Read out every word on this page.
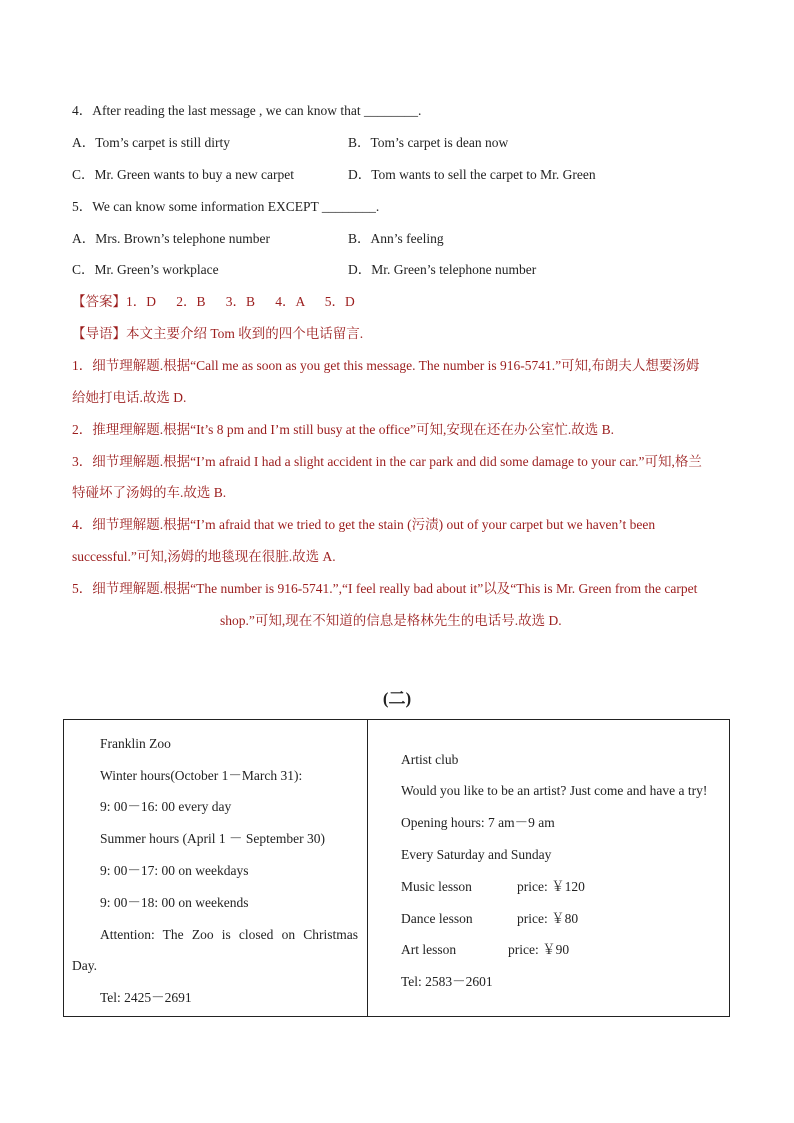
4．After reading the last message , we can know that ________.
A．Tom’s carpet is still dirty	B．Tom’s carpet is dean now
C．Mr. Green wants to buy a new carpet	D．Tom wants to sell the carpet to Mr. Green
5．We can know some information EXCEPT ________.
A．Mrs. Brown’s telephone number	B．Ann’s feeling
C．Mr. Green’s workplace	D．Mr. Green’s telephone number
【答案】1．D      2．B      3．B      4．A      5．D
【导语】本文主要介绍 Tom 收到的四个电话留言.
1．细节理解题.根据“Call me as soon as you get this message. The number is 916-5741.”可知,布朗夫人想要汤姆
给她打电话.故选 D.
2．推理理解题.根据“It’s 8 pm and I’m still busy at the office”可知,安现在还在办公室忙.故选 B.
3．细节理解题.根据“I’m afraid I had a slight accident in the car park and did some damage to your car.”可知,格兰
特碰坏了汤姆的车.故选 B.
4．细节理解题.根据“I’m afraid that we tried to get the stain (污渍) out of your carpet but we haven’t been
successful.”可知,汤姆的地毯现在很脏.故选 A.
5．细节理解题.根据“The number is 916-5741.”,“I feel really bad about it”以及“This is Mr. Green from the carpet
shop.”可知,现在不知道的信息是格林先生的电话号.故选 D.
(二)
Franklin Zoo
Winter hours(October 1－March 31):
9: 00－16: 00 every day
Summer hours (April 1 － September 30)
9: 00－17: 00 on weekdays
9: 00－18: 00 on weekends
Attention: The Zoo is closed on Christmas
Day.
Tel: 2425－2691
Artist club
Would you like to be an artist? Just come and have a try!
Opening hours: 7 am－9 am
Every Saturday and Sunday
Music lesson	price: ￥120
Dance lesson	price: ￥80
Art lesson	price: ￥90
Tel: 2583－2601
